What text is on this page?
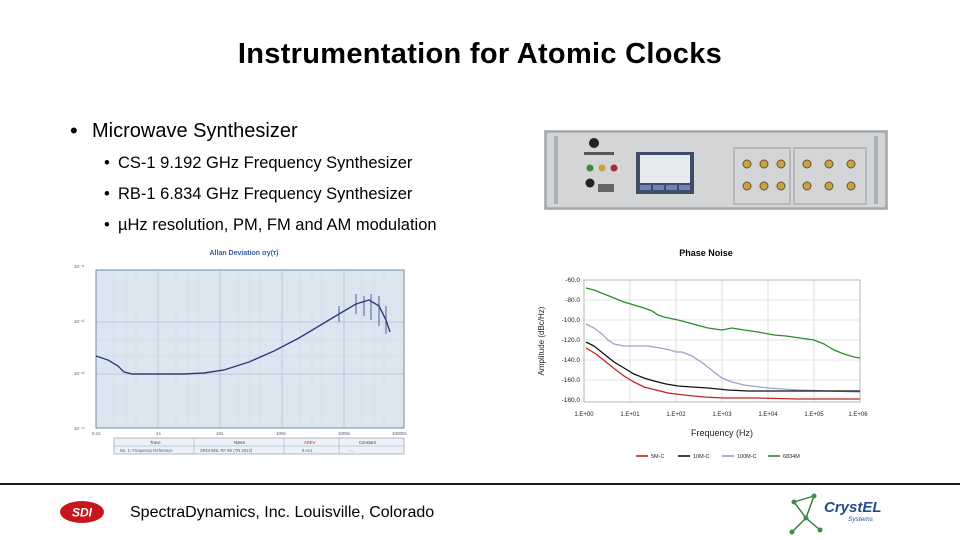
Instrumentation for Atomic Clocks
• Microwave Synthesizer
• CS-1 9.192 GHz Frequency Synthesizer
• RB-1 6.834 GHz Frequency Synthesizer
• µHz resolution, PM, FM and AM modulation
Allan Deviation σy(τ)
10⁻¹¹
10⁻¹²
10⁻¹³
10⁻¹⁴
0.1s	1s	10s	100s	1000s	10000s
Trace	Notes	ADEV	Constant
No. 1: Frequency Reference	SRDI BNL RF 9S (TN 2012)	6 Ac1	-...
Phase Noise
-60.0
-80.0
-100.0
-120.0
-140.0
-160.0
-180.0
1.E+00	1.E+01	1.E+02	1.E+03	1.E+04	1.E+05	1.E+06
Amplitude (dBc/Hz)
Frequency (Hz)
5M-C	10M-C	100M-C	6834M
SDI SpectraDynamics, Inc. Louisville, Colorado	CrystEL
Systems
